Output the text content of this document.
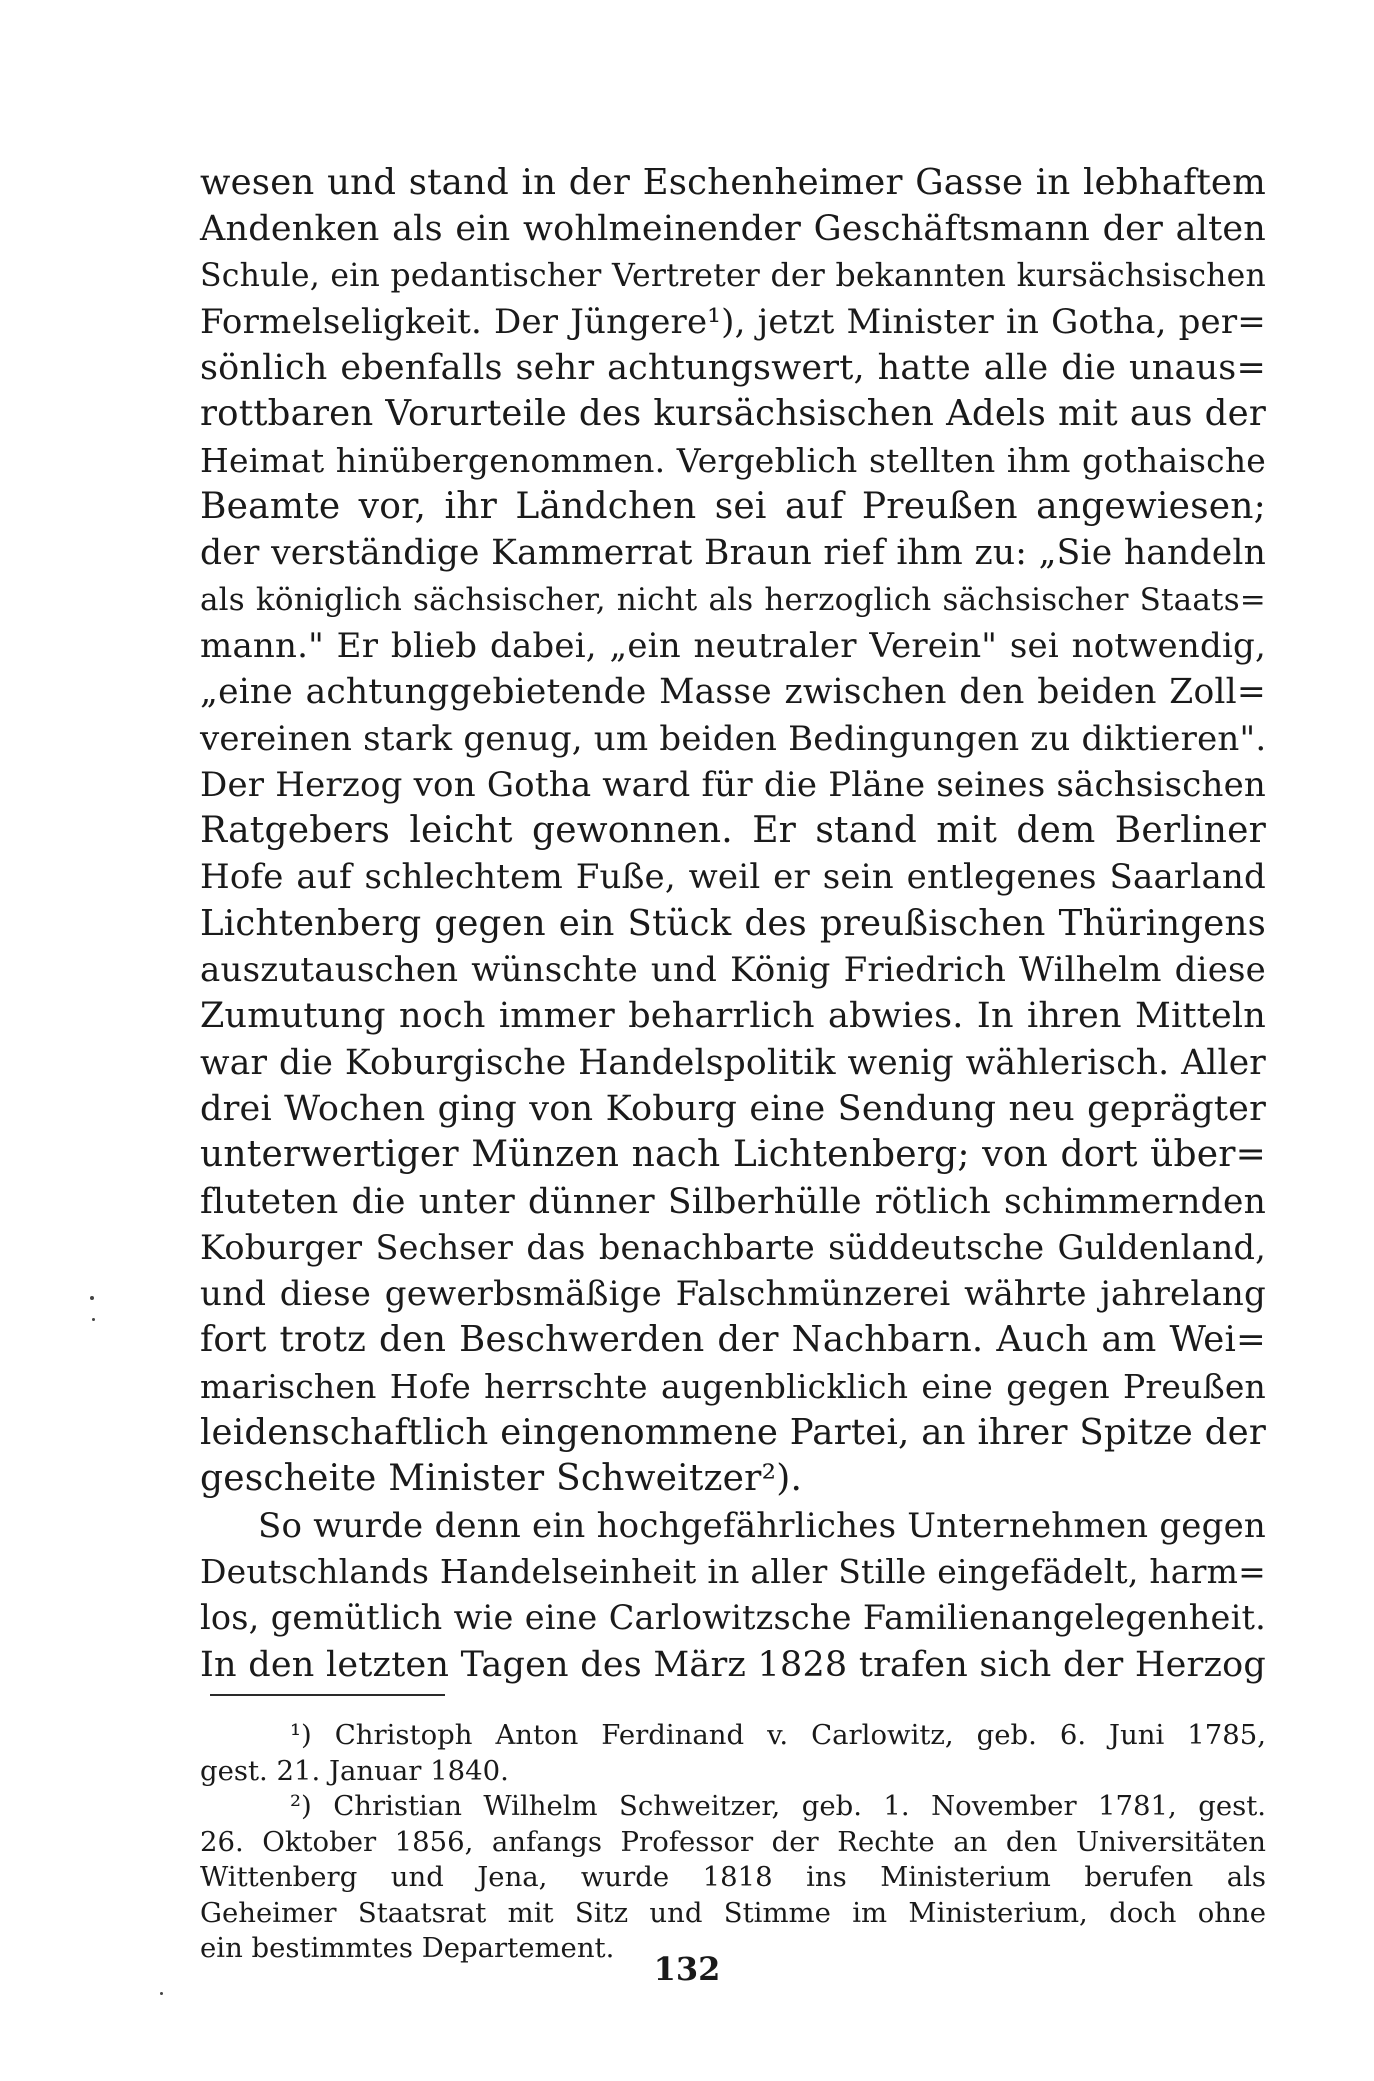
wesen und stand in der Eschenheimer Gasse in lebhaftem
Andenken als ein wohlmeinender Geschäftsmann der alten
Schule, ein pedantischer Vertreter der bekannten kursächsischen
Formelseligkeit. Der Jüngere¹), jetzt Minister in Gotha, per=
sönlich ebenfalls sehr achtungswert, hatte alle die unaus=
rottbaren Vorurteile des kursächsischen Adels mit aus der
Heimat hinübergenommen. Vergeblich stellten ihm gothaische
Beamte vor, ihr Ländchen sei auf Preußen angewiesen;
der verständige Kammerrat Braun rief ihm zu: „Sie handeln
als königlich sächsischer, nicht als herzoglich sächsischer Staats=
mann." Er blieb dabei, „ein neutraler Verein" sei notwendig,
„eine achtunggebietende Masse zwischen den beiden Zoll=
vereinen stark genug, um beiden Bedingungen zu diktieren".
Der Herzog von Gotha ward für die Pläne seines sächsischen
Ratgebers leicht gewonnen. Er stand mit dem Berliner
Hofe auf schlechtem Fuße, weil er sein entlegenes Saarland
Lichtenberg gegen ein Stück des preußischen Thüringens
auszutauschen wünschte und König Friedrich Wilhelm diese
Zumutung noch immer beharrlich abwies. In ihren Mitteln
war die Koburgische Handelspolitik wenig wählerisch. Aller
drei Wochen ging von Koburg eine Sendung neu geprägter
unterwertiger Münzen nach Lichtenberg; von dort über=
fluteten die unter dünner Silberhülle rötlich schimmernden
Koburger Sechser das benachbarte süddeutsche Guldenland,
und diese gewerbsmäßige Falschmünzerei währte jahrelang
fort trotz den Beschwerden der Nachbarn. Auch am Wei=
marischen Hofe herrschte augenblicklich eine gegen Preußen
leidenschaftlich eingenommene Partei, an ihrer Spitze der
gescheite Minister Schweitzer²).
So wurde denn ein hochgefährliches Unternehmen gegen
Deutschlands Handelseinheit in aller Stille eingefädelt, harm=
los, gemütlich wie eine Carlowitzsche Familienangelegenheit.
In den letzten Tagen des März 1828 trafen sich der Herzog
¹) Christoph Anton Ferdinand v. Carlowitz, geb. 6. Juni 1785,
gest. 21. Januar 1840.
²) Christian Wilhelm Schweitzer, geb. 1. November 1781, gest.
26. Oktober 1856, anfangs Professor der Rechte an den Universitäten
Wittenberg und Jena, wurde 1818 ins Ministerium berufen als
Geheimer Staatsrat mit Sitz und Stimme im Ministerium, doch ohne
ein bestimmtes Departement.
132
